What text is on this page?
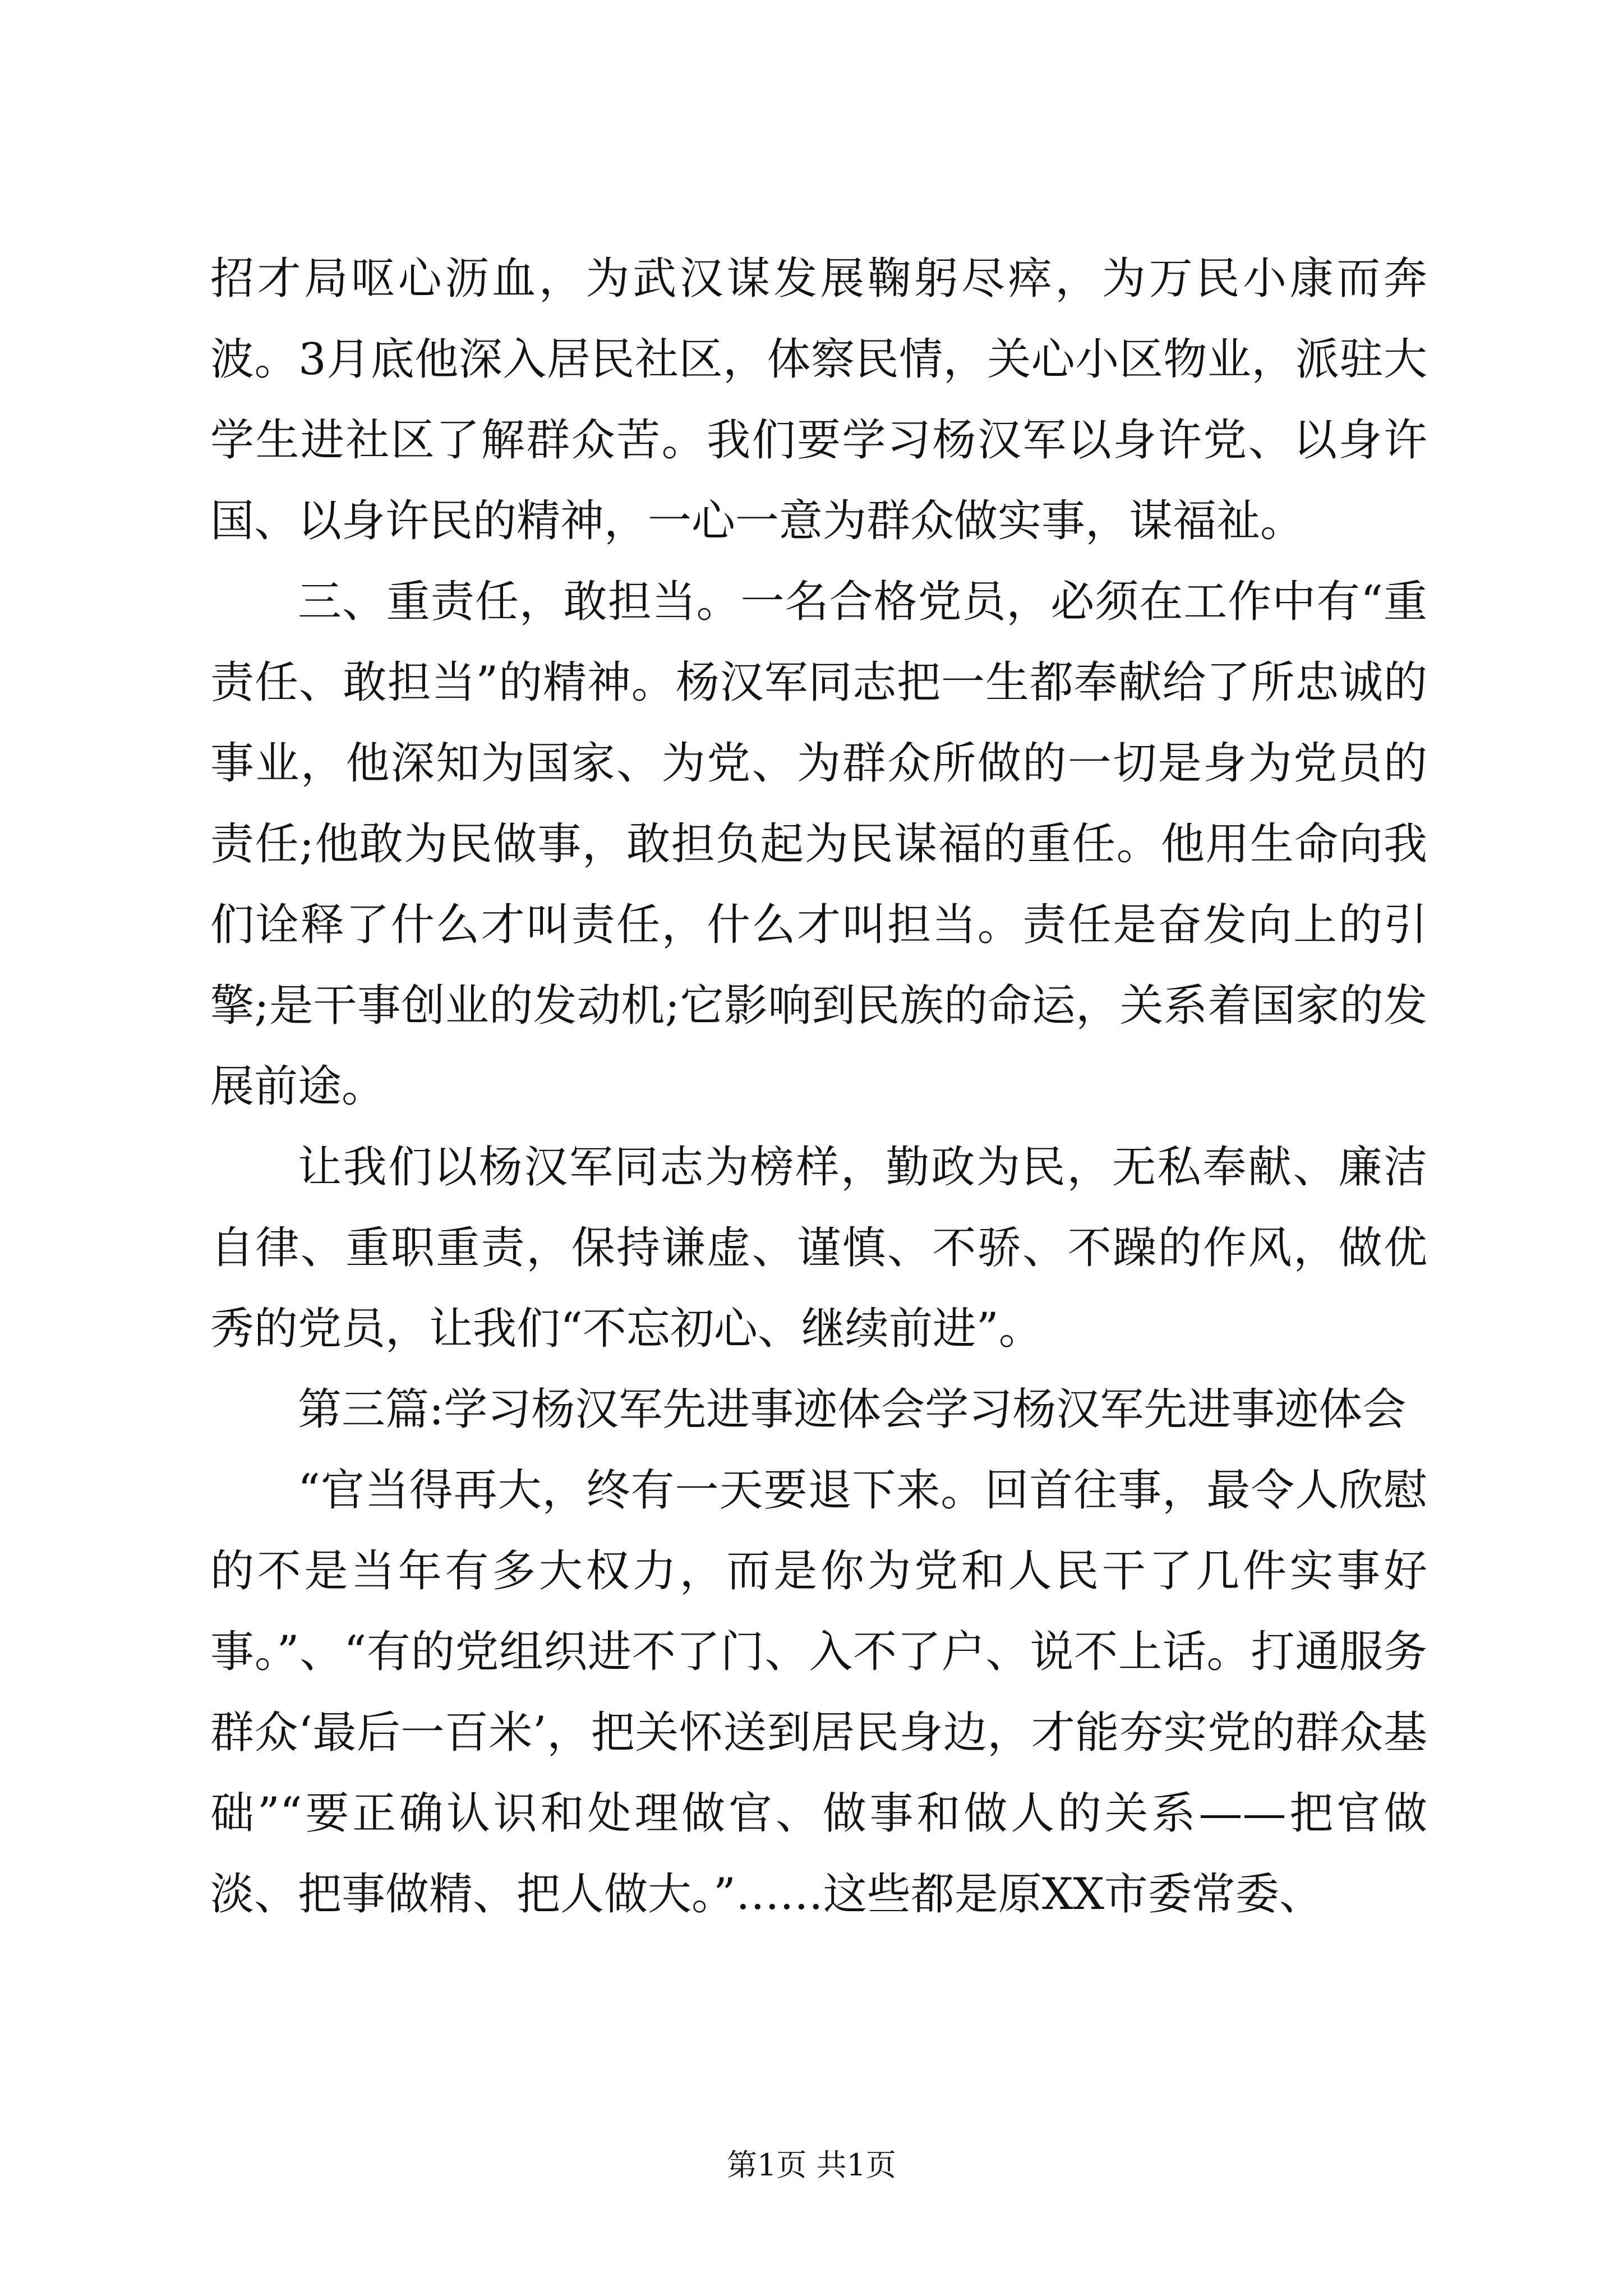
招才局呕心沥血，为武汉谋发展鞠躬尽瘁，为万民小康而奔波。3月底他深入居民社区，体察民情，关心小区物业，派驻大学生进社区了解群众苦。我们要学习杨汉军以身许党、以身许国、以身许民的精神，一心一意为群众做实事，谋福祉。

三、重责任，敢担当。一名合格党员，必须在工作中有“重责任、敢担当”的精神。杨汉军同志把一生都奉献给了所忠诚的事业，他深知为国家、为党、为群众所做的一切是身为党员的责任;他敢为民做事，敢担负起为民谋福的重任。他用生命向我们诠释了什么才叫责任，什么才叫担当。责任是奋发向上的引擎;是干事创业的发动机;它影响到民族的命运，关系着国家的发展前途。

让我们以杨汉军同志为榜样，勤政为民，无私奉献、廉洁自律、重职重责，保持谦虚、谨慎、不骄、不躁的作风，做优秀的党员，让我们“不忘初心、继续前进”。

第三篇:学习杨汉军先进事迹体会学习杨汉军先进事迹体会

“官当得再大，终有一天要退下来。回首往事，最令人欣慰的不是当年有多大权力，而是你为党和人民干了几件实事好事。”、“有的党组织进不了门、入不了户、说不上话。打通服务群众‘最后一百米’，把关怀送到居民身边，才能夯实党的群众基础”“要正确认识和处理做官、做事和做人的关系——把官做淡、把事做精、把人做大。”……这些都是原XX市委常委、

第1页 共1页
